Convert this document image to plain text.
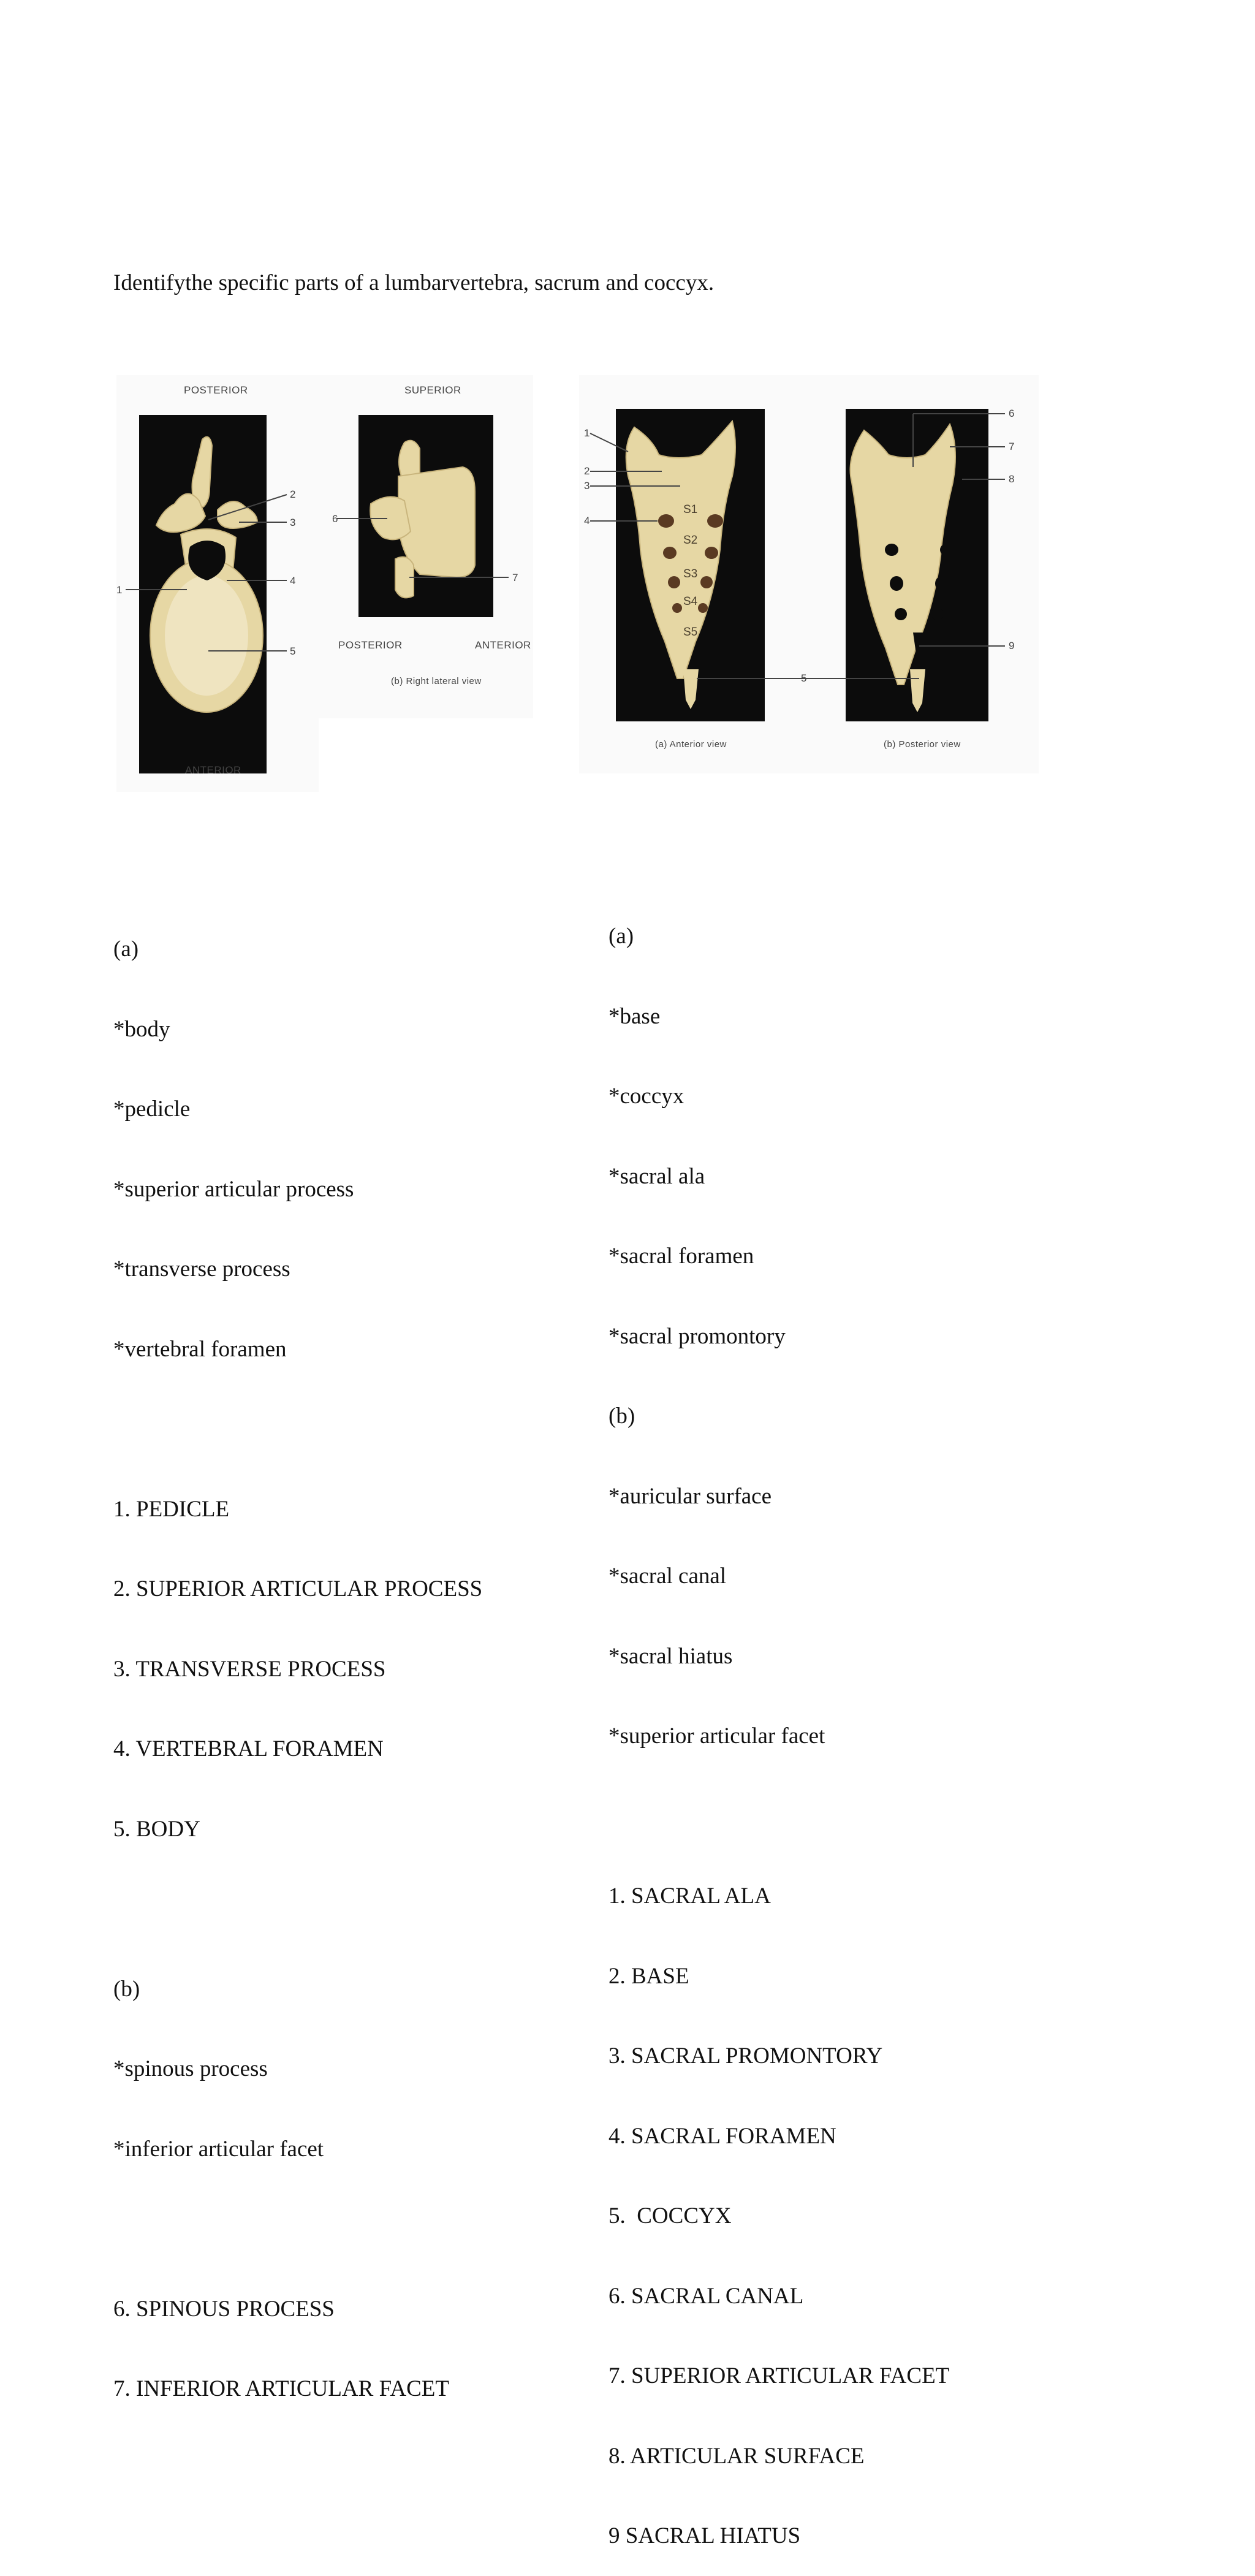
Identifythe specific parts of a lumbarvertebra, sacrum and coccyx.
POSTERIOR
1
2
3
4
5
ANTERIOR
SUPERIOR
6
7
POSTERIOR	ANTERIOR
(b) Right lateral view
S1
S2
S3
S4
S5
1
2
3
4
5
6
7
8
9
(a) Anterior view	(b) Posterior view

(a)

*body

*pedicle

*superior articular process

*transverse process

*vertebral foramen

1. PEDICLE

2. SUPERIOR ARTICULAR PROCESS

3. TRANSVERSE PROCESS

4. VERTEBRAL FORAMEN

5. BODY

(b)

*spinous process

*inferior articular facet

6. SPINOUS PROCESS

7. INFERIOR ARTICULAR FACET

(a)

*base

*coccyx

*sacral ala

*sacral foramen

*sacral promontory

(b)

*auricular surface

*sacral canal

*sacral hiatus

*superior articular facet

1. SACRAL ALA

2. BASE

3. SACRAL PROMONTORY

4. SACRAL FORAMEN

5.  COCCYX

6. SACRAL CANAL

7. SUPERIOR ARTICULAR FACET

8. ARTICULAR SURFACE

9 SACRAL HIATUS
